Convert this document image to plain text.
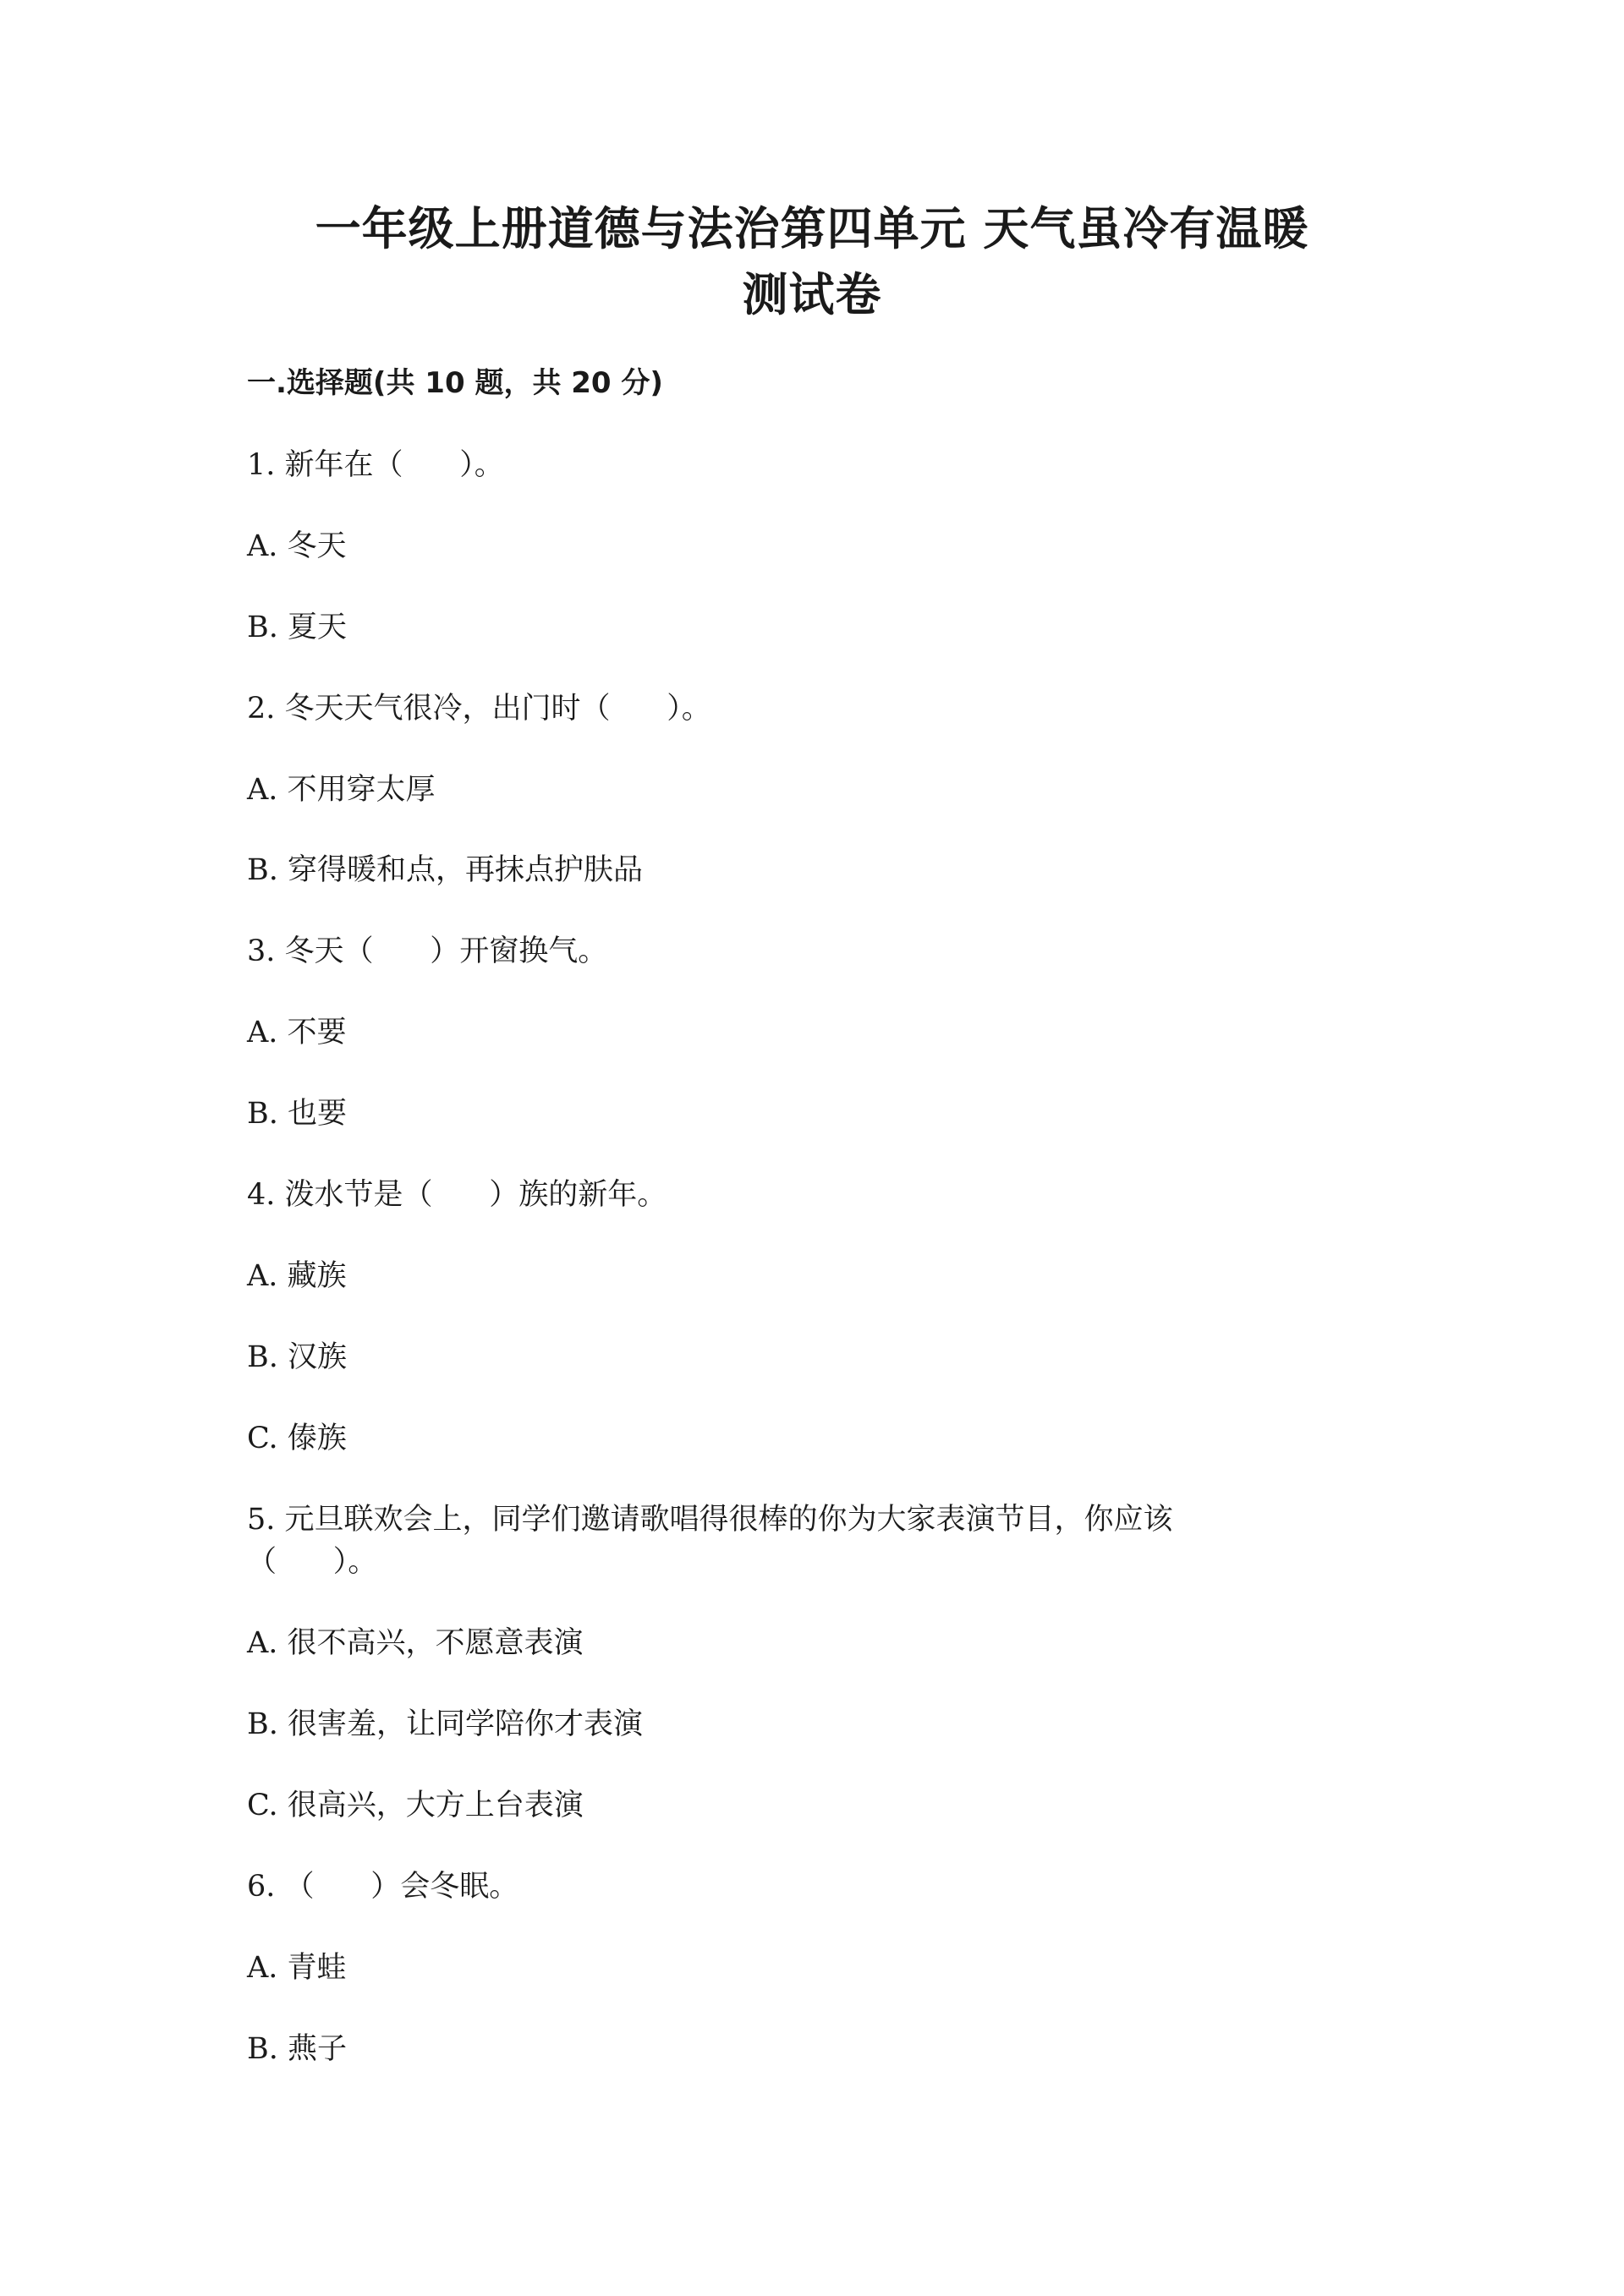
一年级上册道德与法治第四单元 天气虽冷有温暖
测试卷
一.选择题(共 10 题，共 20 分)
1. 新年在（      ）。
A. 冬天
B. 夏天
2. 冬天天气很冷，出门时（      ）。
A. 不用穿太厚
B. 穿得暖和点，再抹点护肤品
3. 冬天（      ）开窗换气。
A. 不要
B. 也要
4. 泼水节是（      ）族的新年。
A. 藏族
B. 汉族
C. 傣族
5. 元旦联欢会上，同学们邀请歌唱得很棒的你为大家表演节目，你应该
（      ）。
A. 很不高兴，不愿意表演
B. 很害羞，让同学陪你才表演
C. 很高兴，大方上台表演
6. （      ）会冬眠。
A. 青蛙
B. 燕子
